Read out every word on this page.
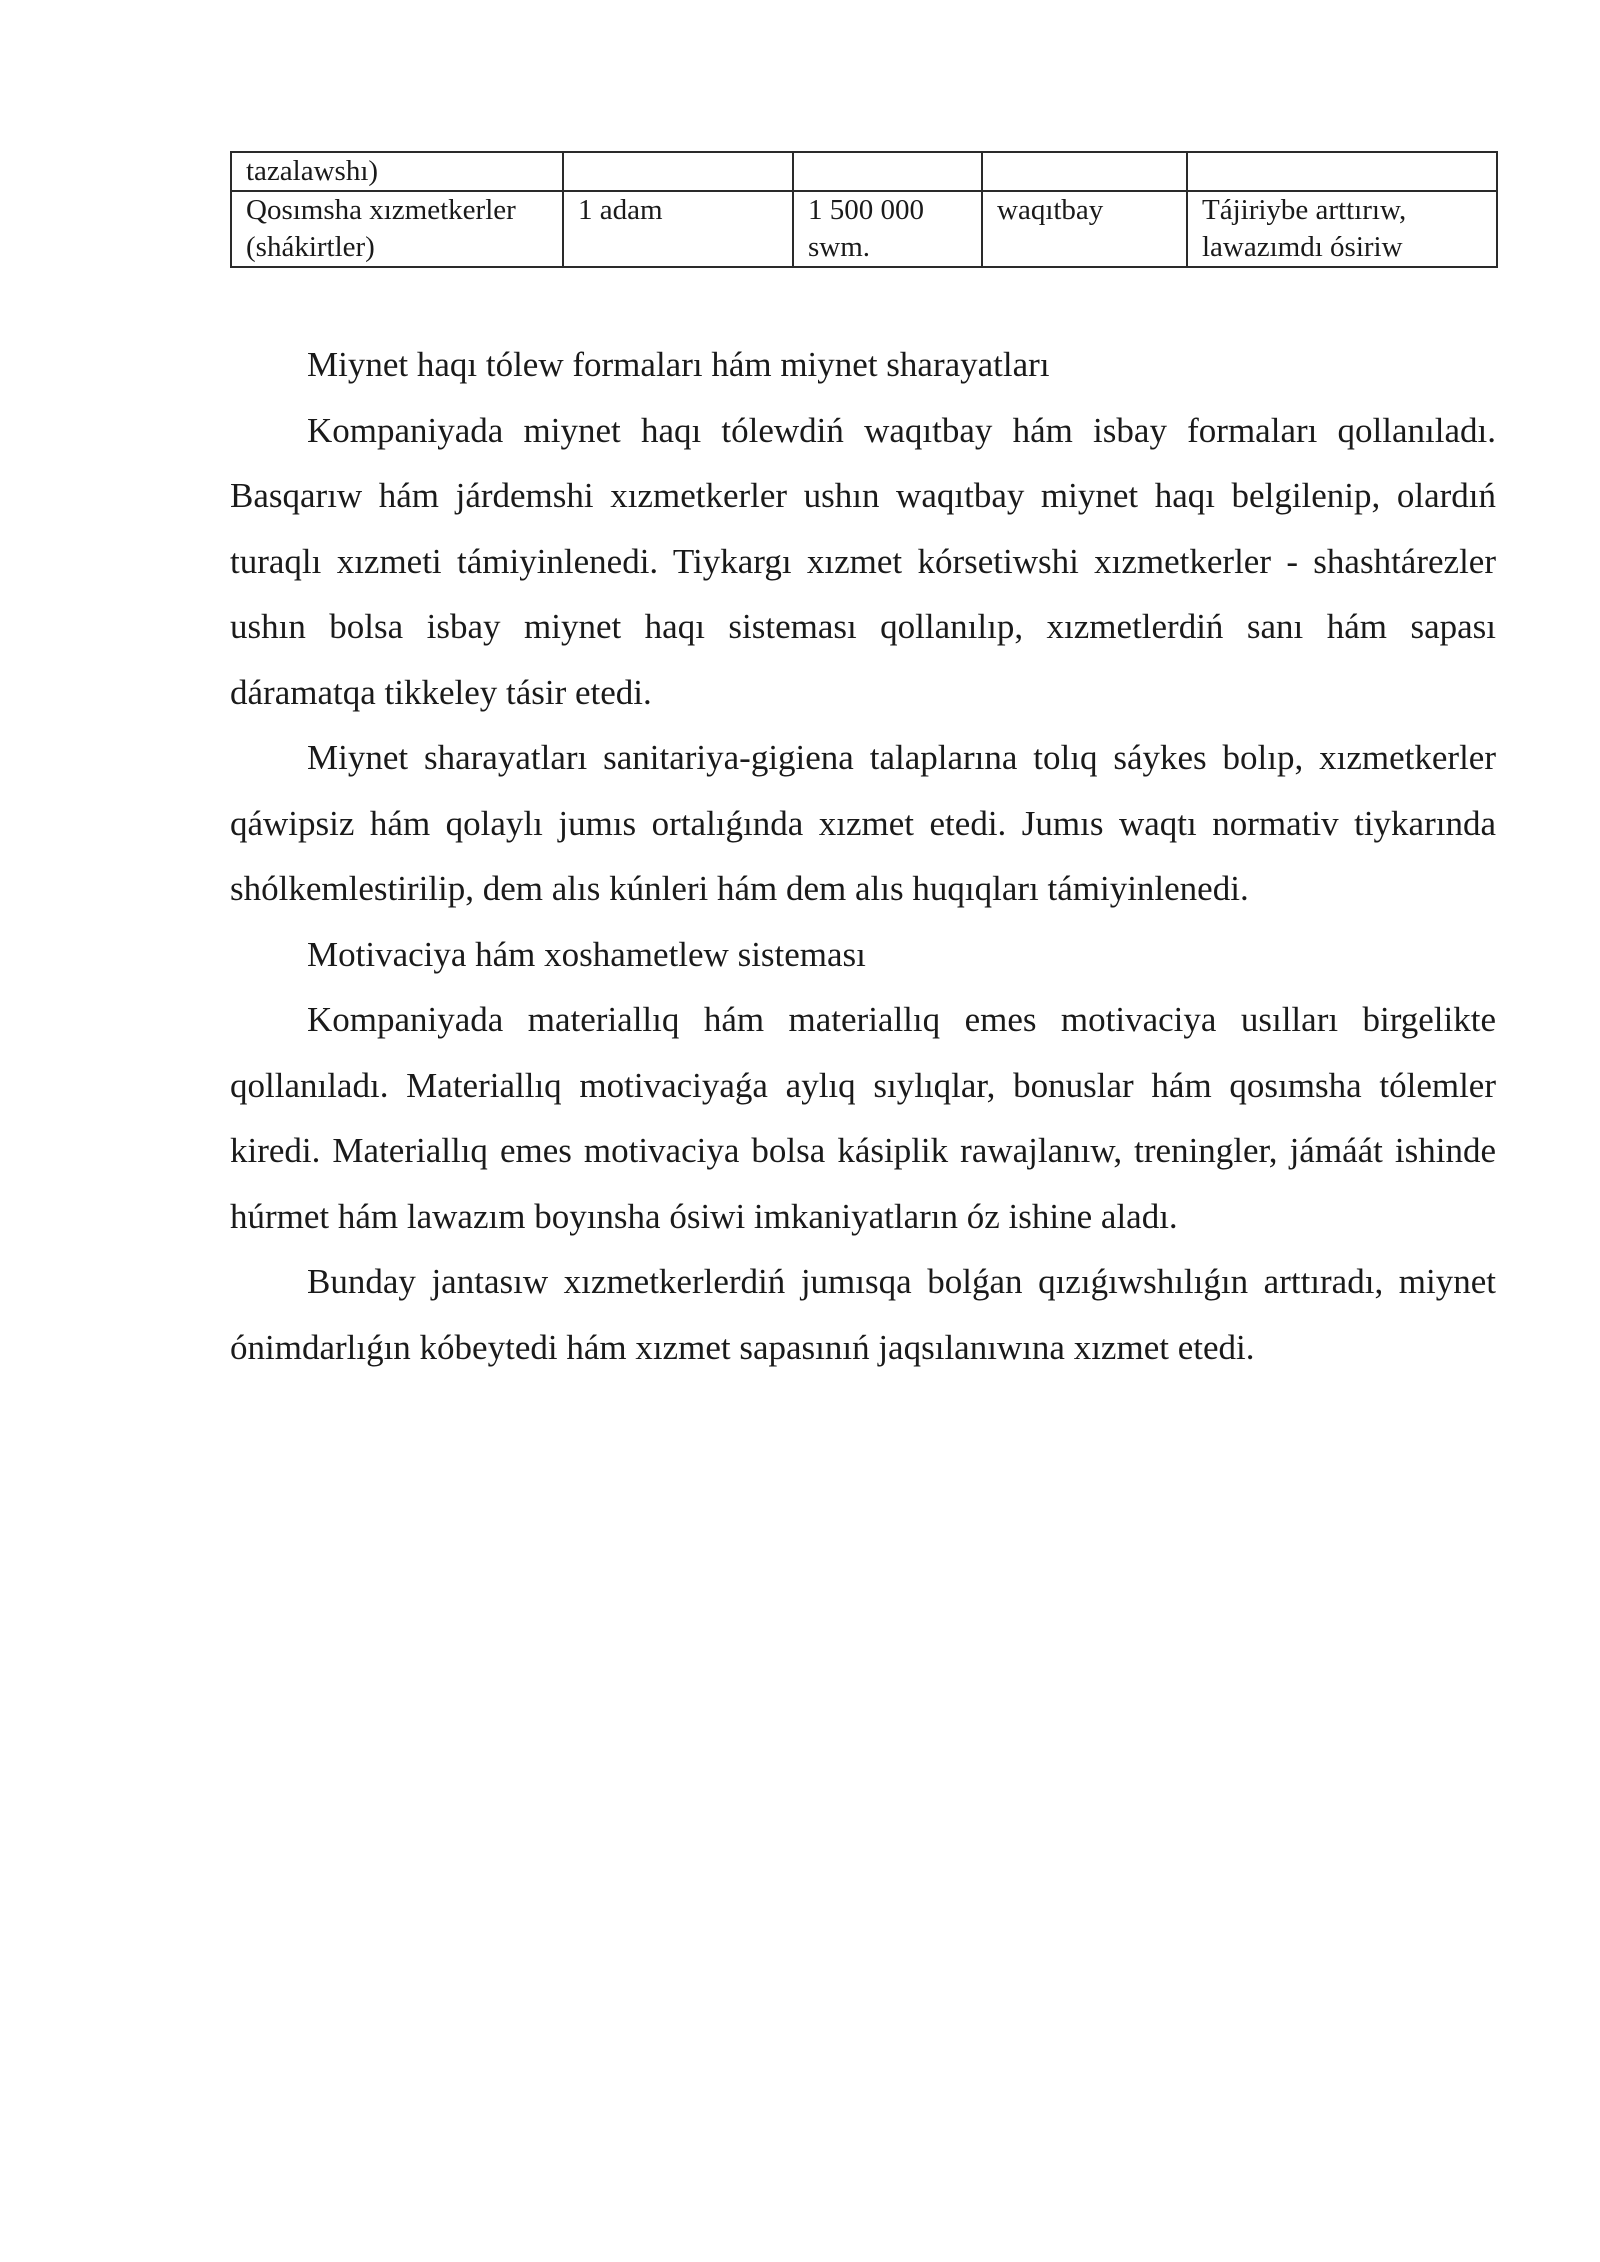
tazalawshı)				
Qosımsha xızmetkerler (shákirtler)	1 adam	1 500 000 swm.	waqıtbay	Tájiriybe arttırıw, lawazımdı ósiriw

Miynet haqı tólew formaları hám miynet sharayatları

Kompaniyada miynet haqı tólewdiń waqıtbay hám isbay formaları qollanıladı. Basqarıw hám járdemshi xızmetkerler ushın waqıtbay miynet haqı belgilenip, olardıń turaqlı xızmeti támiyinlenedi. Tiykargı xızmet kórsetiwshi xızmetkerler - shashtárezler ushın bolsa isbay miynet haqı sisteması qollanılıp, xızmetlerdiń sanı hám sapası dáramatqa tikkeley tásir etedi.

Miynet sharayatları sanitariya-gigiena talaplarına tolıq sáykes bolıp, xızmetkerler qáwipsiz hám qolaylı jumıs ortalıǵında xızmet etedi. Jumıs waqtı normativ tiykarında shólkemlestirilip, dem alıs kúnleri hám dem alıs huqıqları támiyinlenedi.

Motivaciya hám xoshametlew sisteması

Kompaniyada materiallıq hám materiallıq emes motivaciya usılları birgelikte qollanıladı. Materiallıq motivaciyaǵa aylıq sıylıqlar, bonuslar hám qosımsha tólemler kiredi. Materiallıq emes motivaciya bolsa kásiplik rawajlanıw, treningler, jámáát ishinde húrmet hám lawazım boyınsha ósiwi imkaniyatların óz ishine aladı.

Bunday jantasıw xızmetkerlerdiń jumısqa bolǵan qızıǵıwshılıǵın arttıradı, miynet ónimdarlıǵın kóbeytedi hám xızmet sapasınıń jaqsılanıwına xızmet etedi.
